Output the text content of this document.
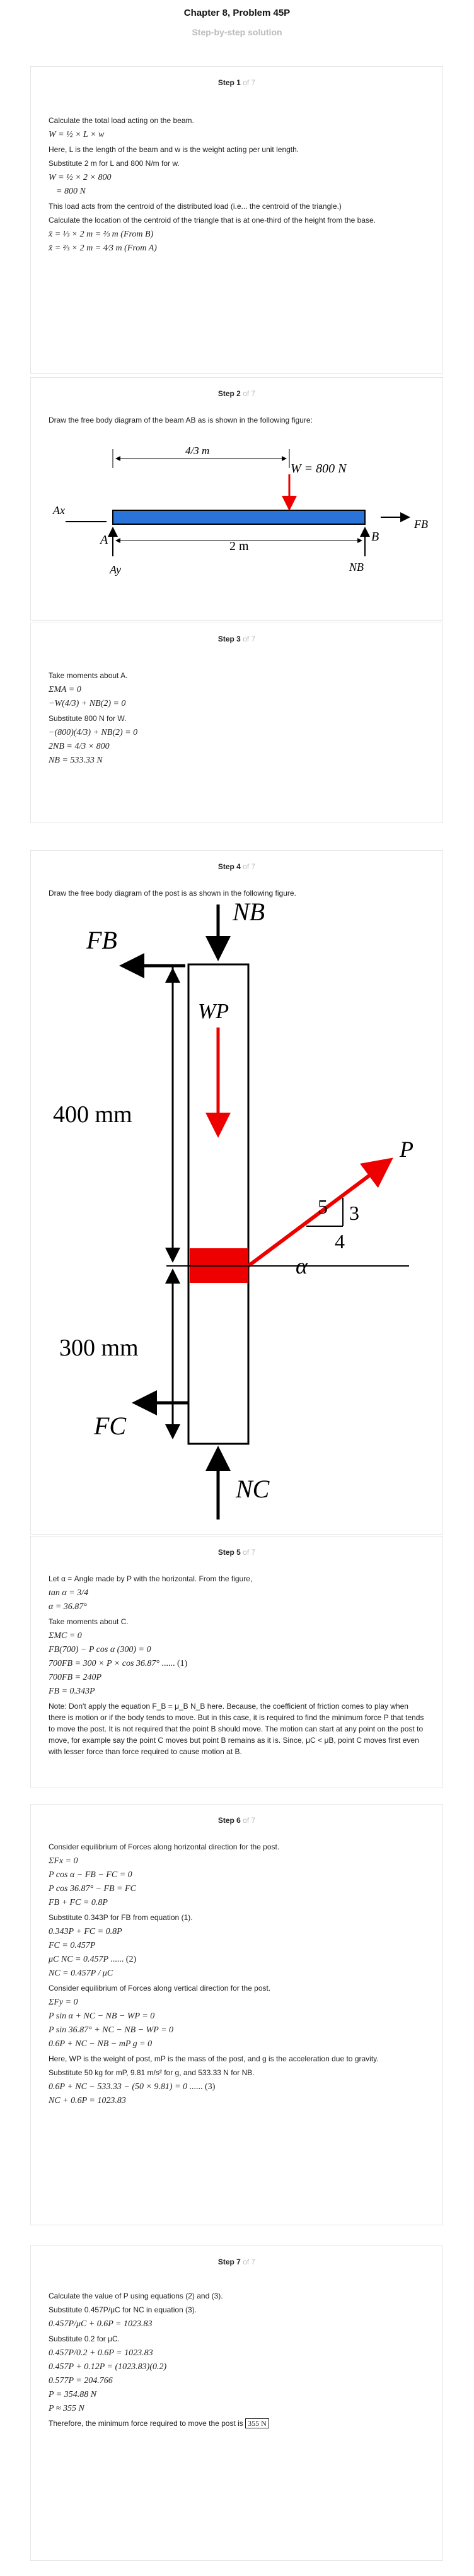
Chapter 8, Problem 45P
Step-by-step solution
Step 1 of 7

Calculate the total load acting on the beam.

W = ½ × L × w

Here, L is the length of the beam and w is the weight acting per unit length.

Substitute 2 m for L and 800 N/m for w.

W = ½ × 2 × 800
= 800 N

This load acts from the centroid of the distributed load (i.e... the centroid of the triangle.)

Calculate the location of the centroid of the triangle that is at one-third of the height from the base.

x̄ = ⅓ × 2 m = ⅔ m (From B)
x̄ = ⅔ × 2 m = 4⁄3 m (From A)
Step 2 of 7

Draw the free body diagram of the beam AB as is shown in the following figure:

4/3 m
W = 800 N
Ax
A
Ay
B
NB
FB
2 m
Step 3 of 7

Take moments about A.

ΣMA = 0
−W(4/3) + NB(2) = 0

Substitute 800 N for W.

−(800)(4/3) + NB(2) = 0
2NB = 4/3 × 800
NB = 533.33 N
Step 4 of 7

Draw the free body diagram of the post is as shown in the following figure.

NB
FB
WP
P
5 3
4
α
400 mm
300 mm
FC
NC
Step 5 of 7

Let α = Angle made by P with the horizontal. From the figure,

tan α = 3/4
α = 36.87°

Take moments about C.

ΣMC = 0
FB(700) − P cos α (300) = 0
700FB = 300 × P × cos 36.87° ...... (1)
700FB = 240P
FB = 0.343P

Note: Don't apply the equation F_B = μ_B N_B here. Because, the coefficient of friction comes to play when there is motion or if the body tends to move. But in this case, it is required to find the minimum force P that tends to move the post. It is not required that the point B should move. The motion can start at any point on the post to move, for example say the point C moves but point B remains as it is. Since, μC < μB, point C moves first even with lesser force than force required to cause motion at B.

Step 6 of 7

Consider equilibrium of Forces along horizontal direction for the post.

ΣFx = 0
P cos α − FB − FC = 0
P cos 36.87° − FB = FC
FB + FC = 0.8P

Substitute 0.343P for FB from equation (1).

0.343P + FC = 0.8P
FC = 0.457P
μC NC = 0.457P ...... (2)
NC = 0.457P / μC

Consider equilibrium of Forces along vertical direction for the post.

ΣFy = 0
P sin α + NC − NB − WP = 0
P sin 36.87° + NC − NB − WP = 0
0.6P + NC − NB − mP g = 0

Here, WP is the weight of post, mP is the mass of the post, and g is the acceleration due to gravity.

Substitute 50 kg for mP, 9.81 m/s² for g, and 533.33 N for NB.

0.6P + NC − 533.33 − (50 × 9.81) = 0 ...... (3)
NC + 0.6P = 1023.83
Step 7 of 7

Calculate the value of P using equations (2) and (3).

Substitute 0.457P/μC for NC in equation (3).

0.457P/μC + 0.6P = 1023.83

Substitute 0.2 for μC.

0.457P/0.2 + 0.6P = 1023.83
0.457P + 0.12P = (1023.83)(0.2)
0.577P = 204.766
P = 354.88 N
P ≈ 355 N

Therefore, the minimum force required to move the post is 355 N
